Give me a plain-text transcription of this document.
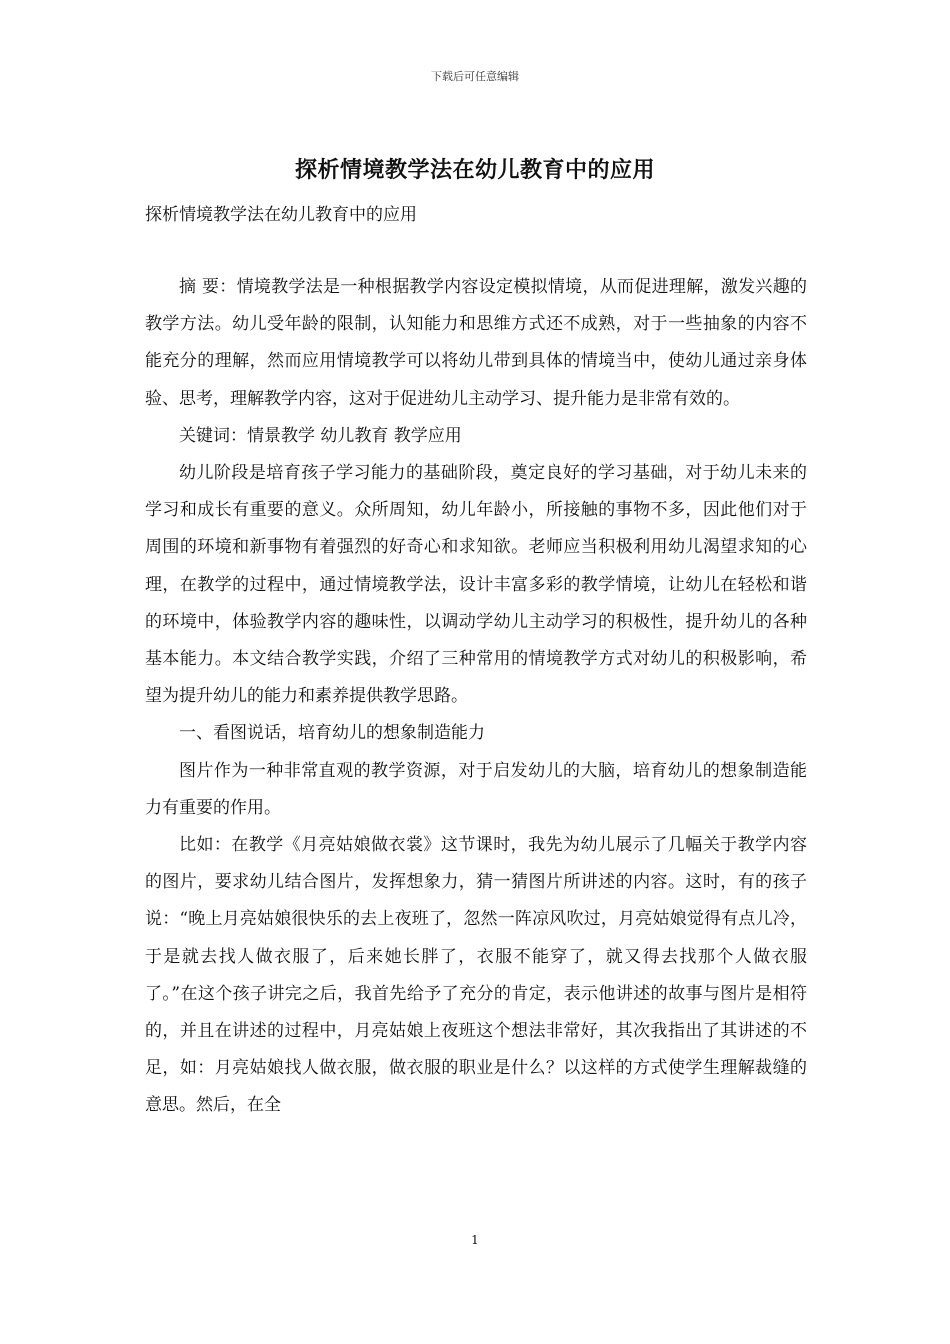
下载后可任意编辑
探析情境教学法在幼儿教育中的应用
探析情境教学法在幼儿教育中的应用

摘 要：情境教学法是一种根据教学内容设定模拟情境，从而促进理解，激发兴趣的教学方法。幼儿受年龄的限制，认知能力和思维方式还不成熟，对于一些抽象的内容不能充分的理解，然而应用情境教学可以将幼儿带到具体的情境当中，使幼儿通过亲身体验、思考，理解教学内容，这对于促进幼儿主动学习、提升能力是非常有效的。

关键词：情景教学 幼儿教育 教学应用

幼儿阶段是培育孩子学习能力的基础阶段，奠定良好的学习基础，对于幼儿未来的学习和成长有重要的意义。众所周知，幼儿年龄小，所接触的事物不多，因此他们对于周围的环境和新事物有着强烈的好奇心和求知欲。老师应当积极利用幼儿渴望求知的心理，在教学的过程中，通过情境教学法，设计丰富多彩的教学情境，让幼儿在轻松和谐的环境中，体验教学内容的趣味性，以调动学幼儿主动学习的积极性，提升幼儿的各种基本能力。本文结合教学实践，介绍了三种常用的情境教学方式对幼儿的积极影响，希望为提升幼儿的能力和素养提供教学思路。

一、看图说话，培育幼儿的想象制造能力

图片作为一种非常直观的教学资源，对于启发幼儿的大脑，培育幼儿的想象制造能力有重要的作用。

比如：在教学《月亮姑娘做衣裳》这节课时，我先为幼儿展示了几幅关于教学内容的图片，要求幼儿结合图片，发挥想象力，猜一猜图片所讲述的内容。这时，有的孩子说：“晚上月亮姑娘很快乐的去上夜班了，忽然一阵凉风吹过，月亮姑娘觉得有点儿冷，于是就去找人做衣服了，后来她长胖了，衣服不能穿了，就又得去找那个人做衣服了。”在这个孩子讲完之后，我首先给予了充分的肯定，表示他讲述的故事与图片是相符的，并且在讲述的过程中，月亮姑娘上夜班这个想法非常好，其次我指出了其讲述的不足，如：月亮姑娘找人做衣服，做衣服的职业是什么？以这样的方式使学生理解裁缝的意思。然后，在全

1
